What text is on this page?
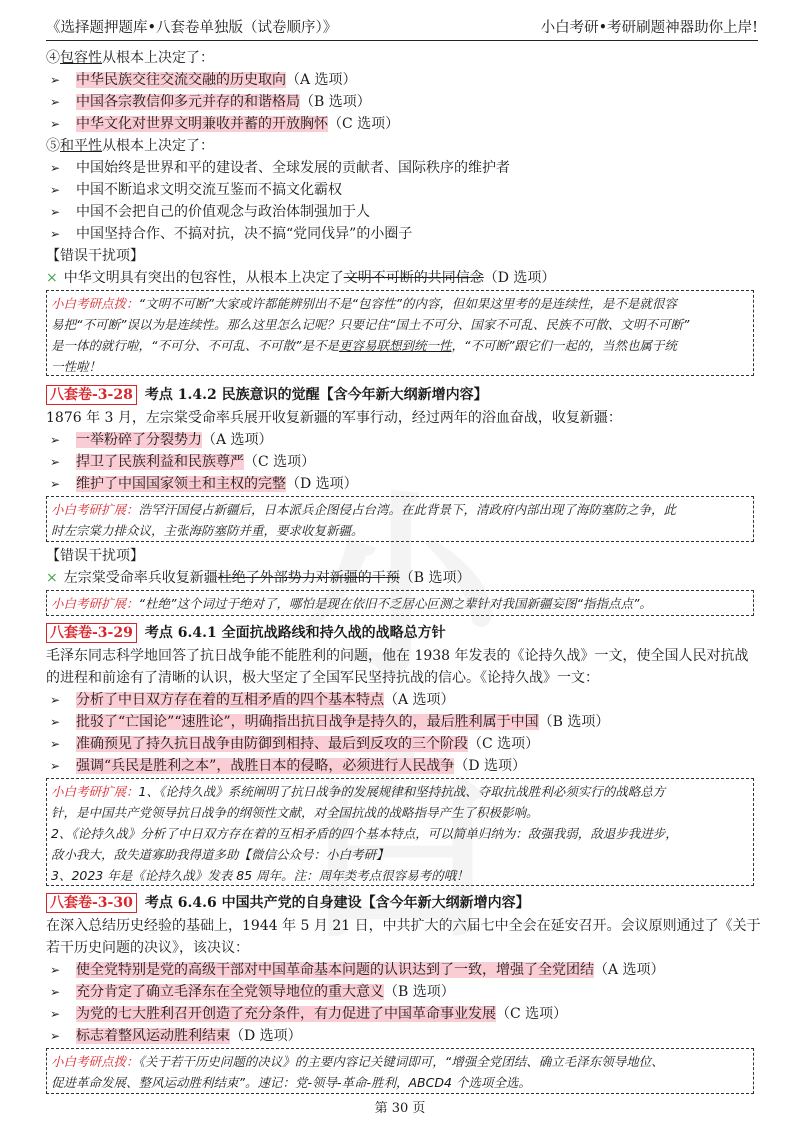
《选择题押题库•八套卷单独版（试卷顺序）》	小白考研•考研刷题神器助你上岸!
④包容性从根本上决定了：
➢ 中华民族交往交流交融的历史取向（A 选项）
➢ 中国各宗教信仰多元并存的和谐格局（B 选项）
➢ 中华文化对世界文明兼收并蓄的开放胸怀（C 选项）
⑤和平性从根本上决定了：
➢ 中国始终是世界和平的建设者、全球发展的贡献者、国际秩序的维护者
➢ 中国不断追求文明交流互鉴而不搞文化霸权
➢ 中国不会把自己的价值观念与政治体制强加于人
➢ 中国坚持合作、不搞对抗，决不搞“党同伐异”的小圈子
【错误干扰项】
× 中华文明具有突出的包容性，从根本上决定了文明不可断的共同信念（D 选项）
小白考研点拨：“文明不可断”大家或许都能辨别出不是“包容性”的内容，但如果这里考的是连续性，是不是就很容
易把“不可断”误以为是连续性。那么这里怎么记呢？只要记住“国土不可分、国家不可乱、民族不可散、文明不可断”
是一体的就行啦，“不可分、不可乱、不可散”是不是更容易联想到统一性，“不可断”跟它们一起的，当然也属于统
一性啦！
八套卷-3-28 考点 1.4.2 民族意识的觉醒【含今年新大纲新增内容】
1876 年 3 月，左宗棠受命率兵展开收复新疆的军事行动，经过两年的浴血奋战，收复新疆：
➢ 一举粉碎了分裂势力（A 选项）
➢ 捍卫了民族利益和民族尊严（C 选项）
➢ 维护了中国国家领土和主权的完整（D 选项）
小白考研扩展：浩罕汗国侵占新疆后，日本派兵企图侵占台湾。在此背景下，清政府内部出现了海防塞防之争，此
时左宗棠力排众议，主张海防塞防并重，要求收复新疆。
【错误干扰项】
× 左宗棠受命率兵收复新疆杜绝了外部势力对新疆的干预（B 选项）
小白考研扩展：“杜绝”这个词过于绝对了，哪怕是现在依旧不乏居心叵测之辈针对我国新疆妄图“指指点点”。
八套卷-3-29 考点 6.4.1 全面抗战路线和持久战的战略总方针
毛泽东同志科学地回答了抗日战争能不能胜利的问题，他在 1938 年发表的《论持久战》一文，使全国人民对抗战
的进程和前途有了清晰的认识，极大坚定了全国军民坚持抗战的信心。《论持久战》一文：
➢ 分析了中日双方存在着的互相矛盾的四个基本特点（A 选项）
➢ 批驳了“亡国论”“速胜论”，明确指出抗日战争是持久的，最后胜利属于中国（B 选项）
➢ 准确预见了持久抗日战争由防御到相持、最后到反攻的三个阶段（C 选项）
➢ 强调“兵民是胜利之本”，战胜日本的侵略，必须进行人民战争（D 选项）
小白考研扩展：1、《论持久战》系统阐明了抗日战争的发展规律和坚持抗战、夺取抗战胜利必须实行的战略总方
针，是中国共产党领导抗日战争的纲领性文献，对全国抗战的战略指导产生了积极影响。
2、《论持久战》分析了中日双方存在着的互相矛盾的四个基本特点，可以简单归纳为：敌强我弱，敌退步我进步，
敌小我大，敌失道寡助我得道多助【微信公众号：小白考研】
3、2023 年是《论持久战》发表 85 周年。注：周年类考点很容易考的哦！
八套卷-3-30 考点 6.4.6 中国共产党的自身建设【含今年新大纲新增内容】
在深入总结历史经验的基础上，1944 年 5 月 21 日，中共扩大的六届七中全会在延安召开。会议原则通过了《关于
若干历史问题的决议》，该决议：
➢ 使全党特别是党的高级干部对中国革命基本问题的认识达到了一致，增强了全党团结（A 选项）
➢ 充分肯定了确立毛泽东在全党领导地位的重大意义（B 选项）
➢ 为党的七大胜利召开创造了充分条件，有力促进了中国革命事业发展（C 选项）
➢ 标志着整风运动胜利结束（D 选项）
小白考研点拨：《关于若干历史问题的决议》的主要内容记关键词即可，“增强全党团结、确立毛泽东领导地位、
促进革命发展、整风运动胜利结束”。速记：党-领导-革命-胜利，ABCD4 个选项全选。
第 30 页
